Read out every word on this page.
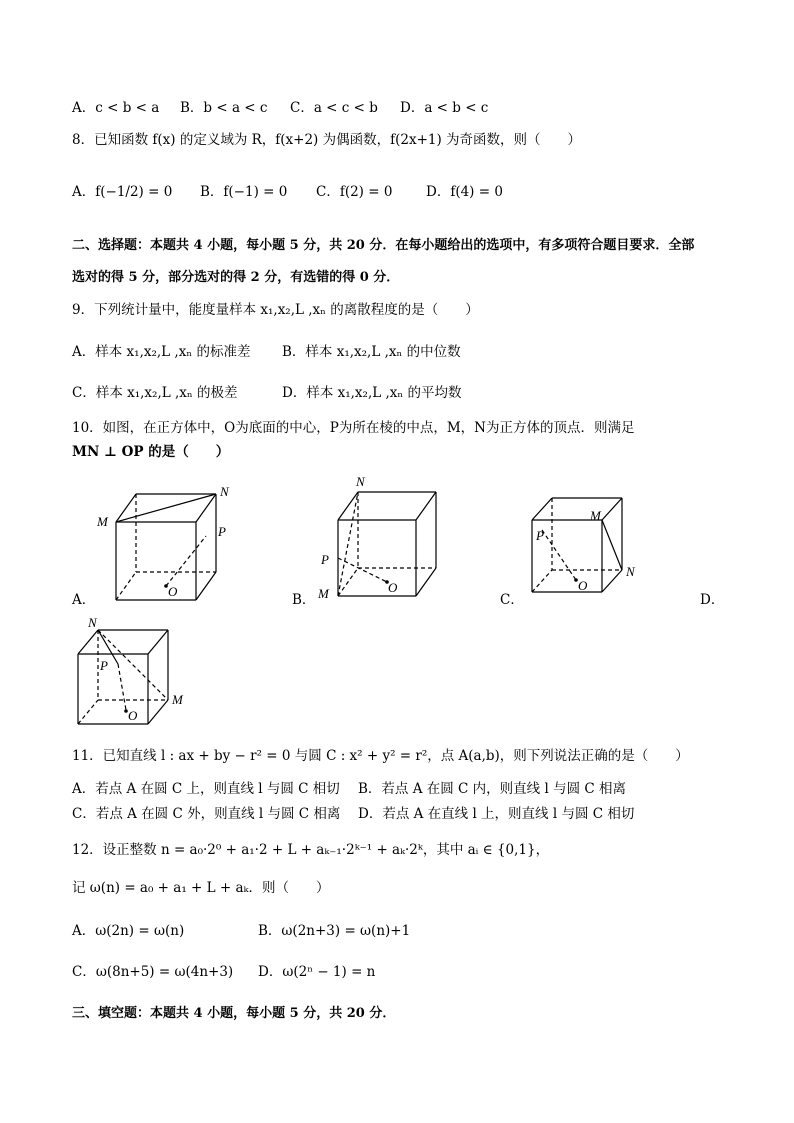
A．c < b < a B．b < a < c C．a < c < b D．a < b < c
8．已知函数 f(x) 的定义域为 R，f(x+2) 为偶函数，f(2x+1) 为奇函数，则（　　）
A．f(−1/2) = 0 B．f(−1) = 0 C．f(2) = 0 D．f(4) = 0
二、选择题：本题共 4 小题，每小题 5 分，共 20 分．在每小题给出的选项中，有多项符合题目要求．全部
选对的得 5 分，部分选对的得 2 分，有选错的得 0 分．
9．下列统计量中，能度量样本 x₁,x₂,L ,xₙ 的离散程度的是（　　）
A．样本 x₁,x₂,L ,xₙ 的标准差 B．样本 x₁,x₂,L ,xₙ 的中位数
C．样本 x₁,x₂,L ,xₙ 的极差	D．样本 x₁,x₂,L ,xₙ 的平均数
10．如图，在正方体中，O为底面的中心，P为所在棱的中点，M，N为正方体的顶点．则满足
MN ⊥ OP 的是（　　）
A．
M
N
P
O
B．
N
P
M	O
C．
M
N
P
O
D．
N
P
M
O
11．已知直线 l : ax + by − r² = 0 与圆 C : x² + y² = r²，点 A(a,b)，则下列说法正确的是（　　）
A．若点 A 在圆 C 上，则直线 l 与圆 C 相切 B．若点 A 在圆 C 内，则直线 l 与圆 C 相离
C．若点 A 在圆 C 外，则直线 l 与圆 C 相离 D．若点 A 在直线 l 上，则直线 l 与圆 C 相切
12．设正整数 n = a₀·2⁰ + a₁·2 + L + aₖ₋₁·2ᵏ⁻¹ + aₖ·2ᵏ，其中 aᵢ ∈ {0,1}，
记 ω(n) = a₀ + a₁ + L + aₖ．则（　　）
A．ω(2n) = ω(n)	B．ω(2n+3) = ω(n)+1
C．ω(8n+5) = ω(4n+3) D．ω(2ⁿ − 1) = n
三、填空题：本题共 4 小题，每小题 5 分，共 20 分．
